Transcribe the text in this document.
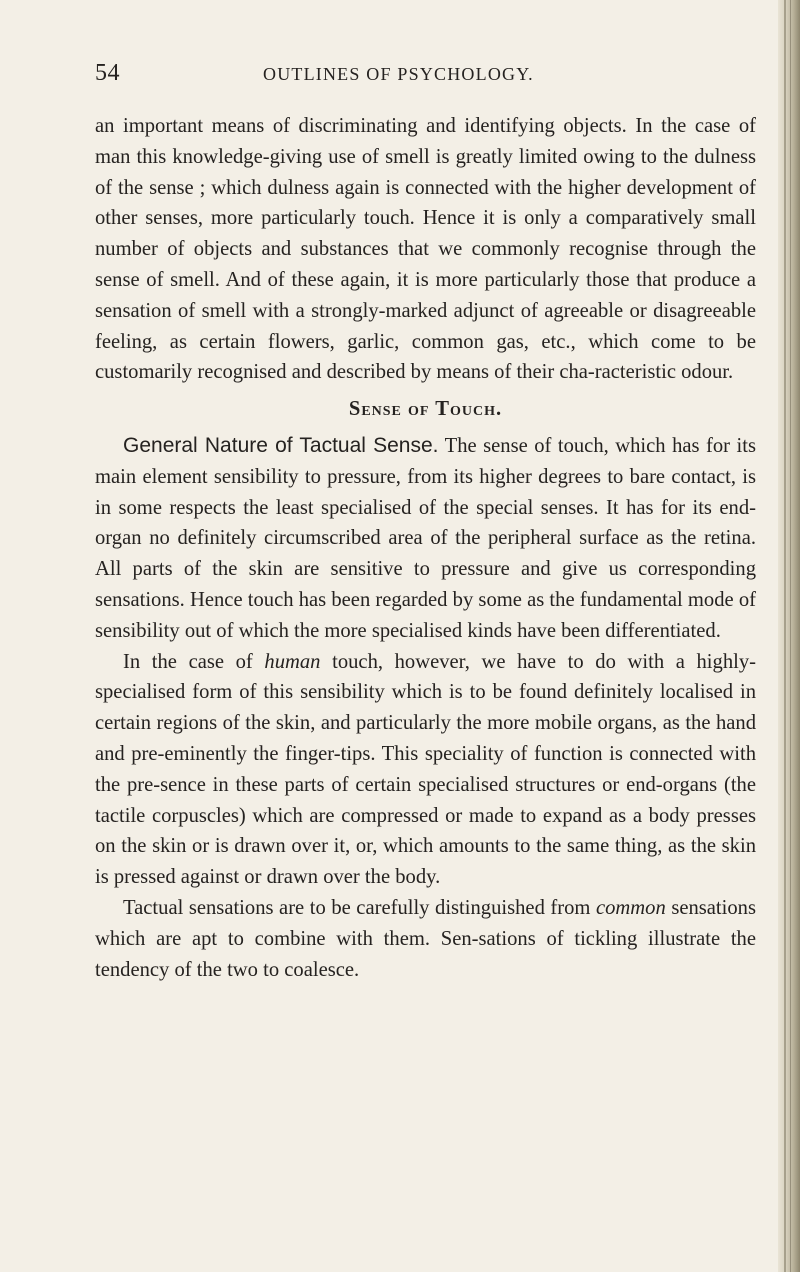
54	OUTLINES OF PSYCHOLOGY.

an important means of discriminating and identifying objects. In the case of man this knowledge-giving use of smell is greatly limited owing to the dulness of the sense ; which dulness again is connected with the higher development of other senses, more particularly touch. Hence it is only a comparatively small number of objects and substances that we commonly recognise through the sense of smell. And of these again, it is more particularly those that produce a sensation of smell with a strongly-marked adjunct of agreeable or disagreeable feeling, as certain flowers, garlic, common gas, etc., which come to be customarily recognised and described by means of their cha-racteristic odour.

Sense of Touch.

General Nature of Tactual Sense. The sense of touch, which has for its main element sensibility to pressure, from its higher degrees to bare contact, is in some respects the least specialised of the special senses. It has for its end-organ no definitely circumscribed area of the peripheral surface as the retina. All parts of the skin are sensitive to pressure and give us corresponding sensations. Hence touch has been regarded by some as the fundamental mode of sensibility out of which the more specialised kinds have been differentiated.

In the case of human touch, however, we have to do with a highly-specialised form of this sensibility which is to be found definitely localised in certain regions of the skin, and particularly the more mobile organs, as the hand and pre-eminently the finger-tips. This speciality of function is connected with the pre-sence in these parts of certain specialised structures or end-organs (the tactile corpuscles) which are compressed or made to expand as a body presses on the skin or is drawn over it, or, which amounts to the same thing, as the skin is pressed against or drawn over the body.

Tactual sensations are to be carefully distinguished from common sensations which are apt to combine with them. Sen-sations of tickling illustrate the tendency of the two to coalesce.
